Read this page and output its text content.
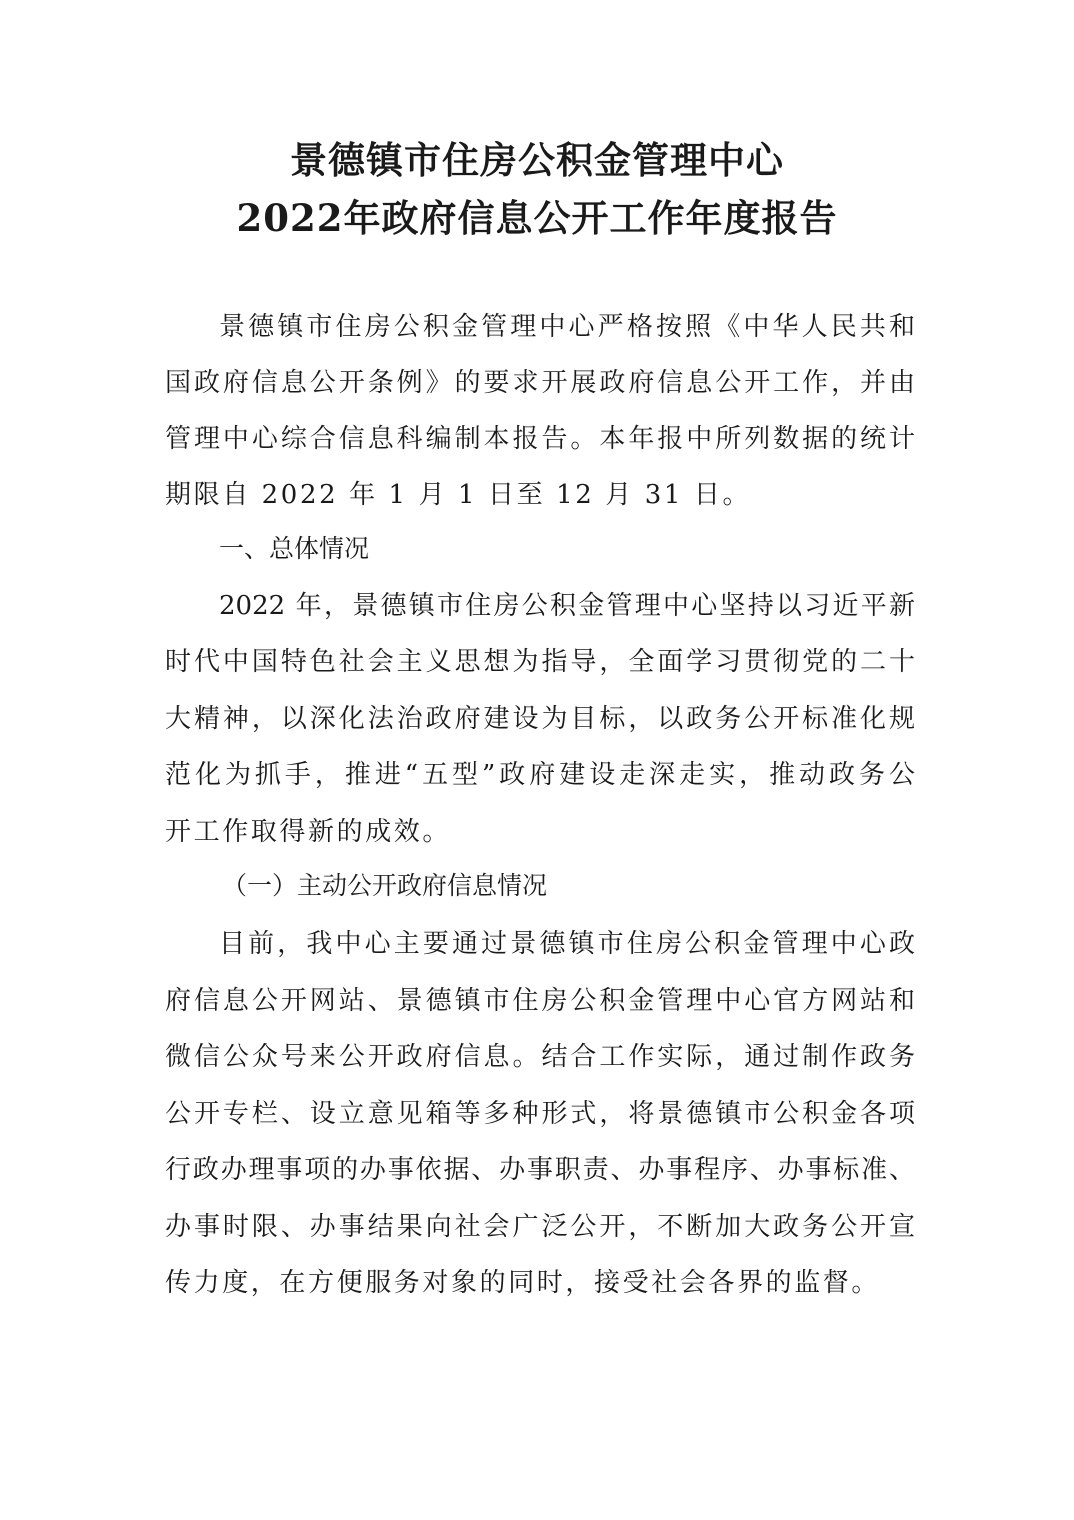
景德镇市住房公积金管理中心
2022年政府信息公开工作年度报告
景德镇市住房公积金管理中心严格按照《中华人民共和
国政府信息公开条例》的要求开展政府信息公开工作，并由
管理中心综合信息科编制本报告。本年报中所列数据的统计
期限自 2022 年 1 月 1 日至 12 月 31 日。
一、总体情况
2022 年，景德镇市住房公积金管理中心坚持以习近平新
时代中国特色社会主义思想为指导，全面学习贯彻党的二十
大精神，以深化法治政府建设为目标，以政务公开标准化规
范化为抓手，推进“五型”政府建设走深走实，推动政务公
开工作取得新的成效。
（一）主动公开政府信息情况
目前，我中心主要通过景德镇市住房公积金管理中心政
府信息公开网站、景德镇市住房公积金管理中心官方网站和
微信公众号来公开政府信息。结合工作实际，通过制作政务
公开专栏、设立意见箱等多种形式，将景德镇市公积金各项
行政办理事项的办事依据、办事职责、办事程序、办事标准、
办事时限、办事结果向社会广泛公开，不断加大政务公开宣
传力度，在方便服务对象的同时，接受社会各界的监督。
